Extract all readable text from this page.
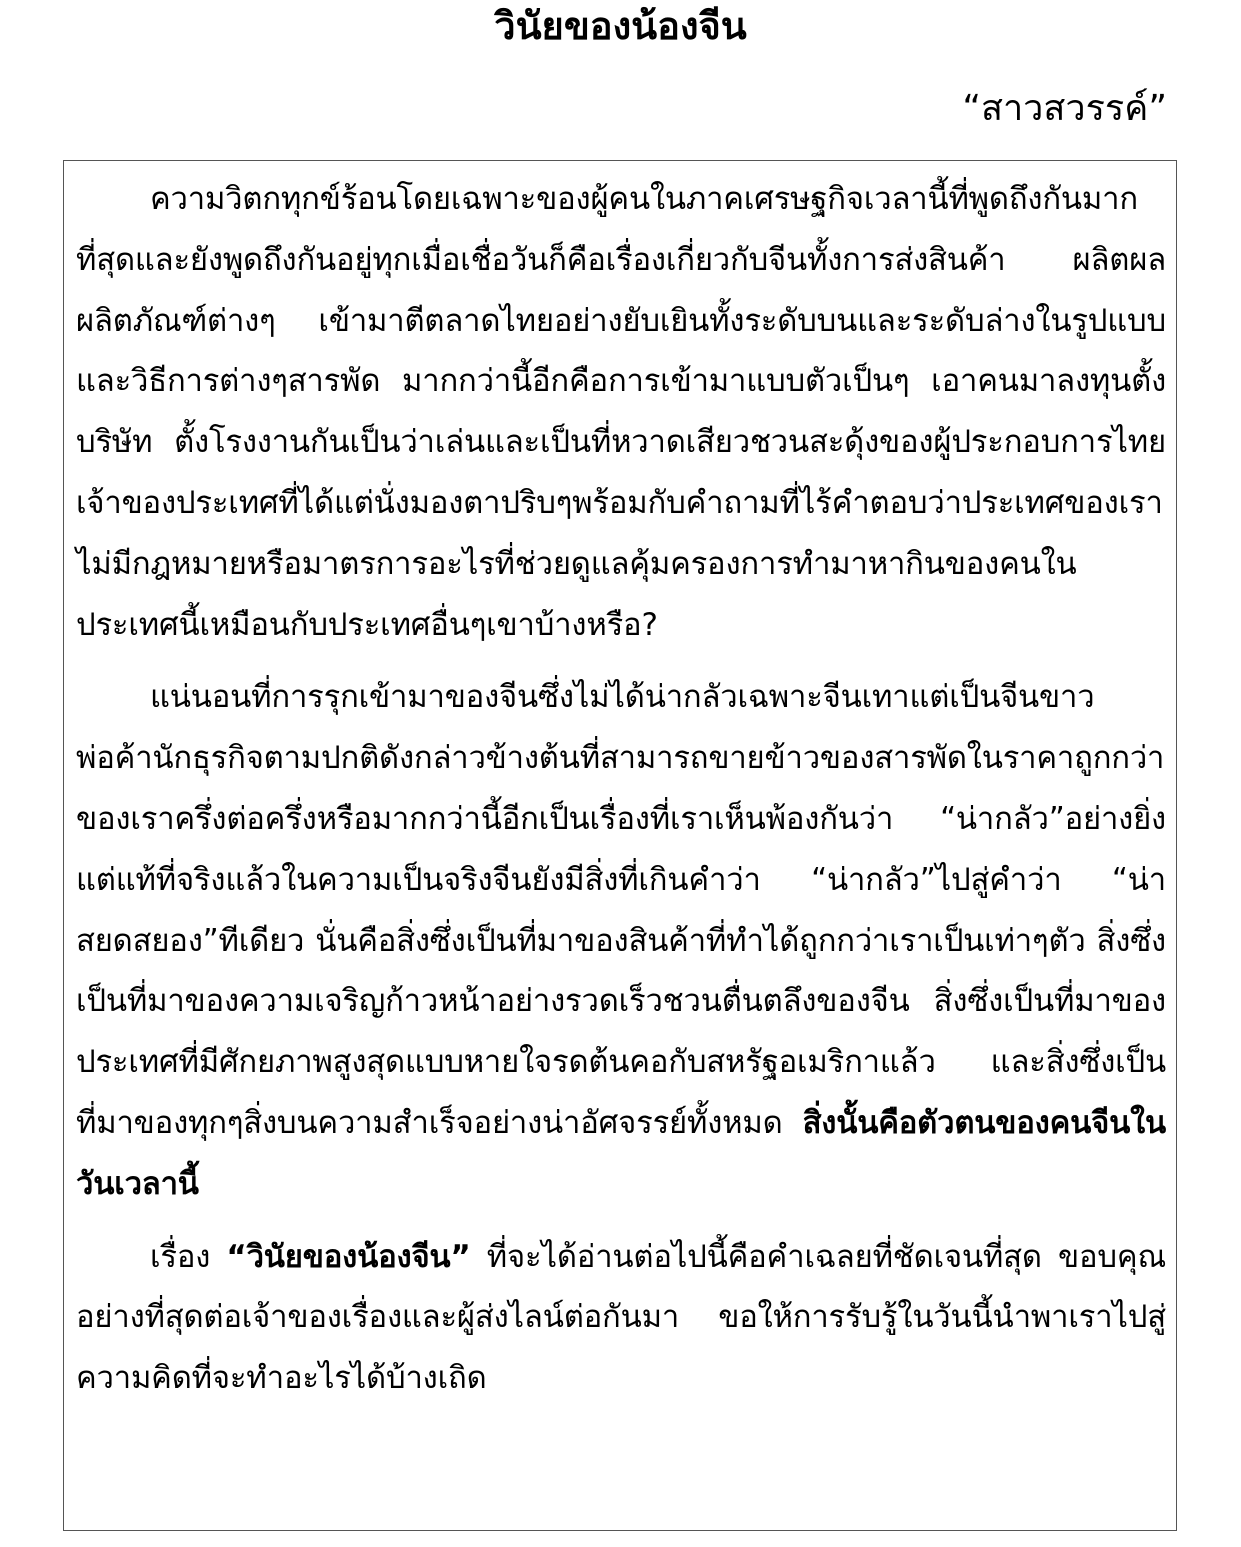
วินัยของน้องจีน
“สาวสวรรค์”

ความวิตกทุกข์ร้อนโดยเฉพาะของผู้คนในภาคเศรษฐกิจเวลานี้ที่พูดถึงกันมากที่สุดและยังพูดถึงกันอยู่ทุกเมื่อเชื่อวันก็คือเรื่องเกี่ยวกับจีนทั้งการส่งสินค้า ผลิตผล ผลิตภัณฑ์ต่างๆ เข้ามาตีตลาดไทยอย่างยับเยินทั้งระดับบนและระดับล่างในรูปแบบและวิธีการต่างๆสารพัด มากกว่านี้อีกคือการเข้ามาแบบตัวเป็นๆ เอาคนมาลงทุนตั้งบริษัท ตั้งโรงงานกันเป็นว่าเล่นและเป็นที่หวาดเสียวชวนสะดุ้งของผู้ประกอบการไทยเจ้าของประเทศที่ได้แต่นั่งมองตาปริบๆพร้อมกับคำถามที่ไร้คำตอบว่าประเทศของเราไม่มีกฎหมายหรือมาตรการอะไรที่ช่วยดูแลคุ้มครองการทำมาหากินของคนในประเทศนี้เหมือนกับประเทศอื่นๆเขาบ้างหรือ?

แน่นอนที่การรุกเข้ามาของจีนซึ่งไม่ได้น่ากลัวเฉพาะจีนเทาแต่เป็นจีนขาวพ่อค้านักธุรกิจตามปกติดังกล่าวข้างต้นที่สามารถขายข้าวของสารพัดในราคาถูกกว่าของเราครึ่งต่อครึ่งหรือมากกว่านี้อีกเป็นเรื่องที่เราเห็นพ้องกันว่า “น่ากลัว”อย่างยิ่ง แต่แท้ที่จริงแล้วในความเป็นจริงจีนยังมีสิ่งที่เกินคำว่า “น่ากลัว”ไปสู่คำว่า “น่าสยดสยอง”ทีเดียว นั่นคือสิ่งซึ่งเป็นที่มาของสินค้าที่ทำได้ถูกกว่าเราเป็นเท่าๆตัว สิ่งซึ่งเป็นที่มาของความเจริญก้าวหน้าอย่างรวดเร็วชวนตื่นตลึงของจีน สิ่งซึ่งเป็นที่มาของประเทศที่มีศักยภาพสูงสุดแบบหายใจรดต้นคอกับสหรัฐอเมริกาแล้ว และสิ่งซึ่งเป็นที่มาของทุกๆสิ่งบนความสำเร็จอย่างน่าอัศจรรย์ทั้งหมด สิ่งนั้นคือตัวตนของคนจีนในวันเวลานี้

เรื่อง “วินัยของน้องจีน” ที่จะได้อ่านต่อไปนี้คือคำเฉลยที่ชัดเจนที่สุด ขอบคุณอย่างที่สุดต่อเจ้าของเรื่องและผู้ส่งไลน์ต่อกันมา ขอให้การรับรู้ในวันนี้นำพาเราไปสู่ความคิดที่จะทำอะไรได้บ้างเถิด
